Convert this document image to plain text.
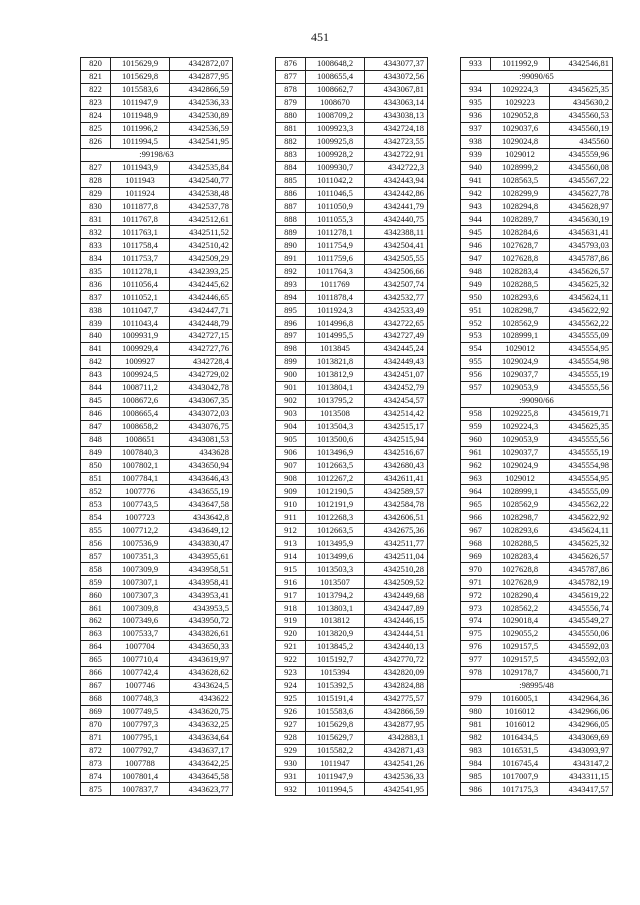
451
820	1015629,9	4342872,07
821	1015629,8	4342877,95
822	1015583,6	4342866,59
823	1011947,9	4342536,33
824	1011948,9	4342530,89
825	1011996,2	4342536,59
826	1011994,5	4342541,95
:99198/63		
827	1011943,9	4342535,84
828	1011943	4342540,77
829	1011924	4342538,48
830	1011877,8	4342537,78
831	1011767,8	4342512,61
832	1011763,1	4342511,52
833	1011758,4	4342510,42
834	1011753,7	4342509,29
835	1011278,1	4342393,25
836	1011056,4	4342445,62
837	1011052,1	4342446,65
838	1011047,7	4342447,71
839	1011043,4	4342448,79
840	1009931,9	4342727,15
841	1009929,4	4342727,76
842	1009927	4342728,4
843	1009924,5	4342729,02
844	1008711,2	4343042,78
845	1008672,6	4343067,35
846	1008665,4	4343072,03
847	1008658,2	4343076,75
848	1008651	4343081,53
849	1007840,3	4343628
850	1007802,1	4343650,94
851	1007784,1	4343646,43
852	1007776	4343655,19
853	1007743,5	4343647,58
854	1007723	4343642,8
855	1007712,2	4343649,12
856	1007536,9	4343830,47
857	1007351,3	4343955,61
858	1007309,9	4343958,51
859	1007307,1	4343958,41
860	1007307,3	4343953,41
861	1007309,8	4343953,5
862	1007349,6	4343950,72
863	1007533,7	4343826,61
864	1007704	4343650,33
865	1007710,4	4343619,97
866	1007742,4	4343628,62
867	1007746	4343624,5
868	1007748,3	4343622
869	1007749,5	4343620,75
870	1007797,3	4343632,25
871	1007795,1	4343634,64
872	1007792,7	4343637,17
873	1007788	4343642,25
874	1007801,4	4343645,58
875	1007837,7	4343623,77
876	1008648,2	4343077,37
877	1008655,4	4343072,56
878	1008662,7	4343067,81
879	1008670	4343063,14
880	1008709,2	4343038,13
881	1009923,3	4342724,18
882	1009925,8	4342723,55
883	1009928,2	4342722,91
884	1009930,7	4342722,3
885	1011042,2	4342443,94
886	1011046,5	4342442,86
887	1011050,9	4342441,79
888	1011055,3	4342440,75
889	1011278,1	4342388,11
890	1011754,9	4342504,41
891	1011759,6	4342505,55
892	1011764,3	4342506,66
893	1011769	4342507,74
894	1011878,4	4342532,77
895	1011924,3	4342533,49
896	1014996,8	4342722,65
897	1014995,5	4342727,49
898	1013845	4342445,24
899	1013821,8	4342449,43
900	1013812,9	4342451,07
901	1013804,1	4342452,79
902	1013795,2	4342454,57
903	1013508	4342514,42
904	1013504,3	4342515,17
905	1013500,6	4342515,94
906	1013496,9	4342516,67
907	1012663,5	4342680,43
908	1012267,2	4342611,41
909	1012190,5	4342589,57
910	1012191,9	4342584,78
911	1012268,3	4342606,51
912	1012663,5	4342675,36
913	1013495,9	4342511,77
914	1013499,6	4342511,04
915	1013503,3	4342510,28
916	1013507	4342509,52
917	1013794,2	4342449,68
918	1013803,1	4342447,89
919	1013812	4342446,15
920	1013820,9	4342444,51
921	1013845,2	4342440,13
922	1015192,7	4342770,72
923	1015394	4342820,09
924	1015392,5	4342824,88
925	1015191,4	4342775,57
926	1015583,6	4342866,59
927	1015629,8	4342877,95
928	1015629,7	4342883,1
929	1015582,2	4342871,43
930	1011947	4342541,26
931	1011947,9	4342536,33
932	1011994,5	4342541,95
933	1011992,9	4342546,81
:99090/65		
934	1029224,3	4345625,35
935	1029223	4345630,2
936	1029052,8	4345560,53
937	1029037,6	4345560,19
938	1029024,8	4345560
939	1029012	4345559,96
940	1028999,2	4345560,08
941	1028563,5	4345567,22
942	1028299,9	4345627,78
943	1028294,8	4345628,97
944	1028289,7	4345630,19
945	1028284,6	4345631,41
946	1027628,7	4345793,03
947	1027628,8	4345787,86
948	1028283,4	4345626,57
949	1028288,5	4345625,32
950	1028293,6	4345624,11
951	1028298,7	4345622,92
952	1028562,9	4345562,22
953	1028999,1	4345555,09
954	1029012	4345554,95
955	1029024,9	4345554,98
956	1029037,7	4345555,19
957	1029053,9	4345555,56
:99090/66		
958	1029225,8	4345619,71
959	1029224,3	4345625,35
960	1029053,9	4345555,56
961	1029037,7	4345555,19
962	1029024,9	4345554,98
963	1029012	4345554,95
964	1028999,1	4345555,09
965	1028562,9	4345562,22
966	1028298,7	4345622,92
967	1028293,6	4345624,11
968	1028288,5	4345625,32
969	1028283,4	4345626,57
970	1027628,8	4345787,86
971	1027628,9	4345782,19
972	1028290,4	4345619,22
973	1028562,2	4345556,74
974	1029018,4	4345549,27
975	1029055,2	4345550,06
976	1029157,5	4345592,03
977	1029157,5	4345592,03
978	1029178,7	4345600,71
:98995/48		
979	1016005,1	4342964,36
980	1016012	4342966,06
981	1016012	4342966,05
982	1016434,5	4343069,69
983	1016531,5	4343093,97
984	1016745,4	4343147,2
985	1017007,9	4343311,15
986	1017175,3	4343417,57
